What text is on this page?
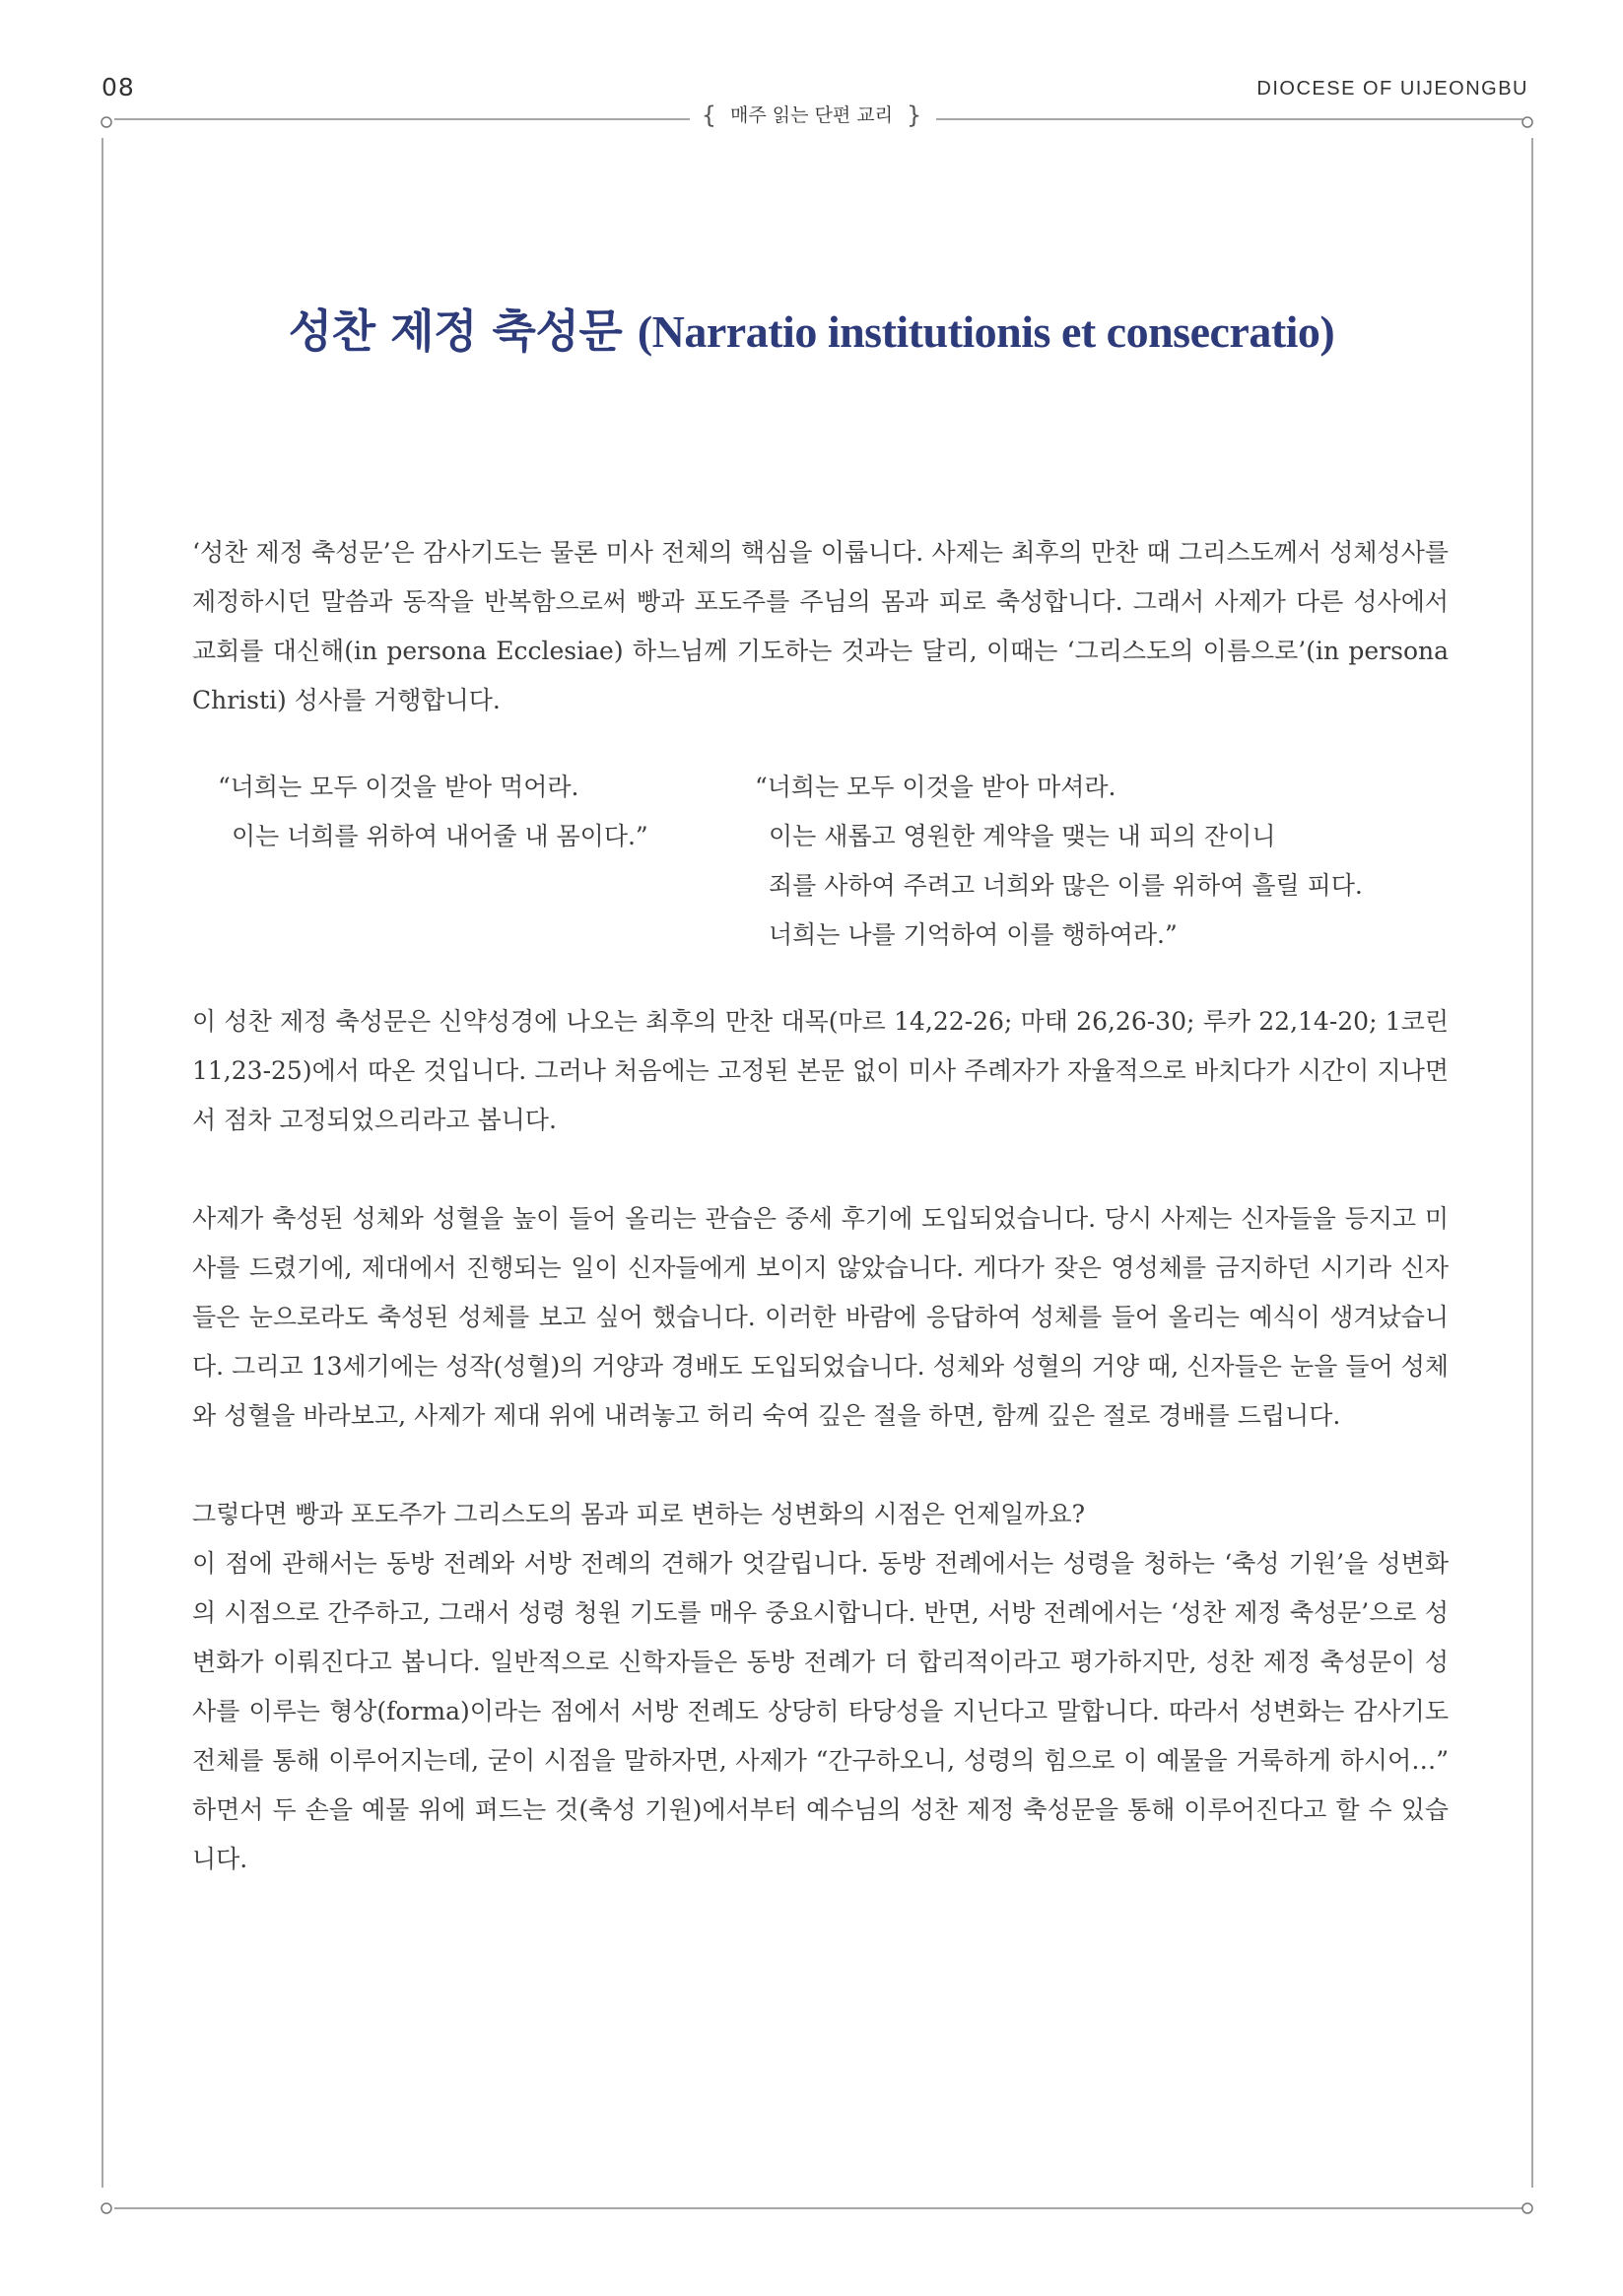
08	DIOCESE OF UIJEONGBU
{ 매주 읽는 단편 교리 }
성찬 제정 축성문 (Narratio institutionis et consecratio)

‘성찬 제정 축성문’은 감사기도는 물론 미사 전체의 핵심을 이룹니다. 사제는 최후의 만찬 때 그리스도께서 성체성사를 제정하시던 말씀과 동작을 반복함으로써 빵과 포도주를 주님의 몸과 피로 축성합니다. 그래서 사제가 다른 성사에서 교회를 대신해(in persona Ecclesiae) 하느님께 기도하는 것과는 달리, 이때는 ‘그리스도의 이름으로’(in persona Christi) 성사를 거행합니다.

“너희는 모두 이것을 받아 먹어라.
이는 너희를 위하여 내어줄 내 몸이다.”
“너희는 모두 이것을 받아 마셔라.
이는 새롭고 영원한 계약을 맺는 내 피의 잔이니
죄를 사하여 주려고 너희와 많은 이를 위하여 흘릴 피다.
너희는 나를 기억하여 이를 행하여라.”

이 성찬 제정 축성문은 신약성경에 나오는 최후의 만찬 대목(마르 14,22-26; 마태 26,26-30; 루카 22,14-20; 1코린 11,23-25)에서 따온 것입니다. 그러나 처음에는 고정된 본문 없이 미사 주례자가 자율적으로 바치다가 시간이 지나면서 점차 고정되었으리라고 봅니다.

사제가 축성된 성체와 성혈을 높이 들어 올리는 관습은 중세 후기에 도입되었습니다. 당시 사제는 신자들을 등지고 미사를 드렸기에, 제대에서 진행되는 일이 신자들에게 보이지 않았습니다. 게다가 잦은 영성체를 금지하던 시기라 신자들은 눈으로라도 축성된 성체를 보고 싶어 했습니다. 이러한 바람에 응답하여 성체를 들어 올리는 예식이 생겨났습니다. 그리고 13세기에는 성작(성혈)의 거양과 경배도 도입되었습니다. 성체와 성혈의 거양 때, 신자들은 눈을 들어 성체와 성혈을 바라보고, 사제가 제대 위에 내려놓고 허리 숙여 깊은 절을 하면, 함께 깊은 절로 경배를 드립니다.

그렇다면 빵과 포도주가 그리스도의 몸과 피로 변하는 성변화의 시점은 언제일까요?

이 점에 관해서는 동방 전례와 서방 전례의 견해가 엇갈립니다. 동방 전례에서는 성령을 청하는 ‘축성 기원’을 성변화의 시점으로 간주하고, 그래서 성령 청원 기도를 매우 중요시합니다. 반면, 서방 전례에서는 ‘성찬 제정 축성문’으로 성변화가 이뤄진다고 봅니다. 일반적으로 신학자들은 동방 전례가 더 합리적이라고 평가하지만, 성찬 제정 축성문이 성사를 이루는 형상(forma)이라는 점에서 서방 전례도 상당히 타당성을 지닌다고 말합니다. 따라서 성변화는 감사기도 전체를 통해 이루어지는데, 굳이 시점을 말하자면, 사제가 “간구하오니, 성령의 힘으로 이 예물을 거룩하게 하시어…” 하면서 두 손을 예물 위에 펴드는 것(축성 기원)에서부터 예수님의 성찬 제정 축성문을 통해 이루어진다고 할 수 있습니다.
